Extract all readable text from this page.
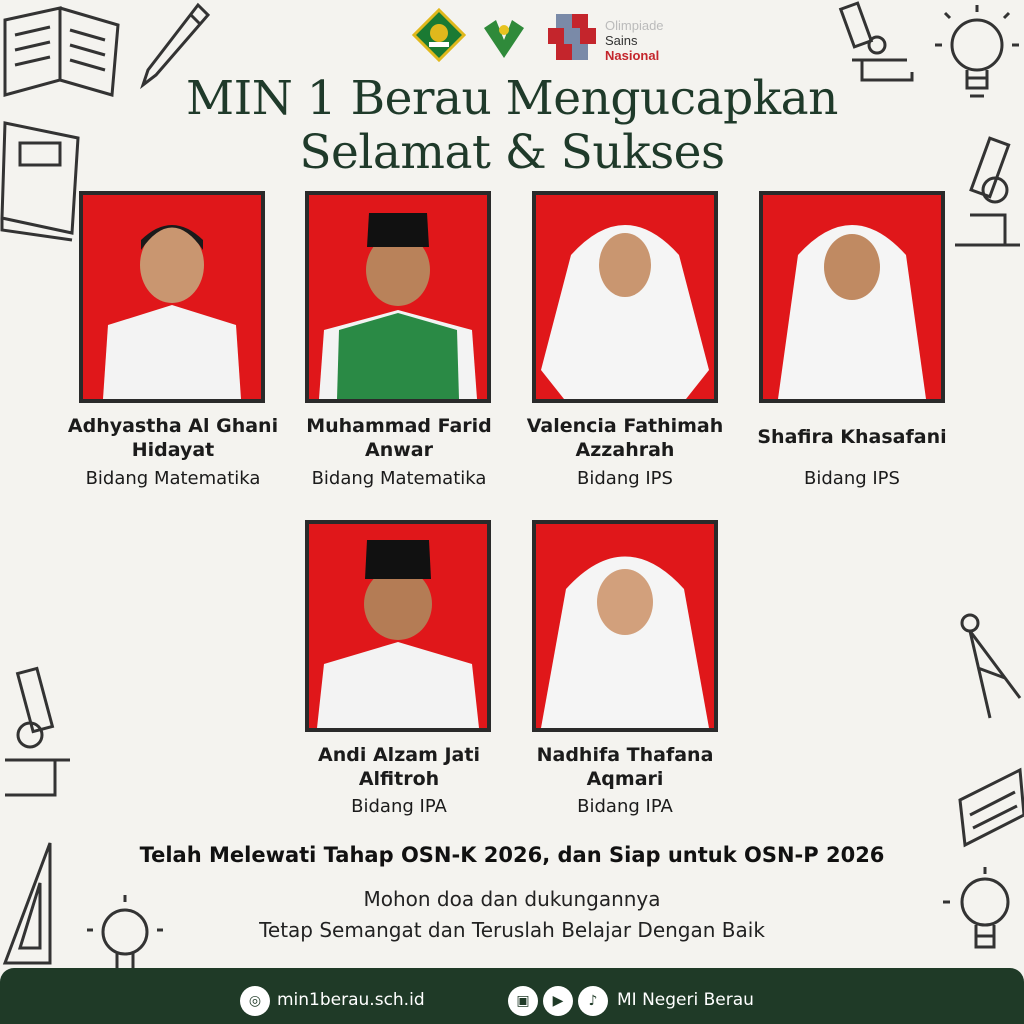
Olimpiade
Sains
Nasional
MIN 1 Berau Mengucapkan
Selamat & Sukses
Adhyastha Al Ghani
Hidayat
Bidang Matematika
Muhammad Farid
Anwar
Bidang Matematika
Valencia Fathimah
Azzahrah
Bidang IPS
Shafira Khasafani
Bidang IPS
Andi Alzam Jati
Alfitroh
Bidang IPA
Nadhifa Thafana
Aqmari
Bidang IPA
Telah Melewati Tahap OSN-K 2026, dan Siap untuk OSN-P 2026
Mohon doa dan dukungannya
Tetap Semangat dan Teruslah Belajar Dengan Baik
◎ min1berau.sch.id	▣	▶	♪	MI Negeri Berau
